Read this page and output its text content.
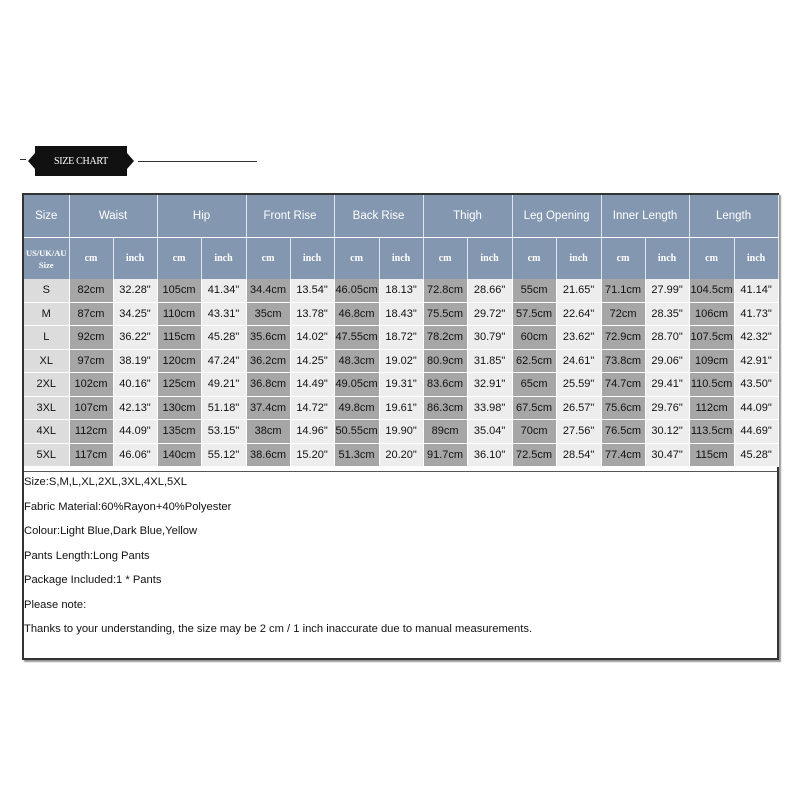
SIZE CHART
Size	Waist		Hip		Front Rise		Back Rise		Thigh		Leg Opening		Inner Length		Length	
US/UK/AU Size	cm	inch	cm	inch	cm	inch	cm	inch	cm	inch	cm	inch	cm	inch	cm	inch
S	82cm	32.28"	105cm	41.34"	34.4cm	13.54"	46.05cm	18.13"	72.8cm	28.66"	55cm	21.65"	71.1cm	27.99"	104.5cm	41.14"
M	87cm	34.25"	110cm	43.31"	35cm	13.78"	46.8cm	18.43"	75.5cm	29.72"	57.5cm	22.64"	72cm	28.35"	106cm	41.73"
L	92cm	36.22"	115cm	45.28"	35.6cm	14.02"	47.55cm	18.72"	78.2cm	30.79"	60cm	23.62"	72.9cm	28.70"	107.5cm	42.32"
XL	97cm	38.19"	120cm	47.24"	36.2cm	14.25"	48.3cm	19.02"	80.9cm	31.85"	62.5cm	24.61"	73.8cm	29.06"	109cm	42.91"
2XL	102cm	40.16"	125cm	49.21"	36.8cm	14.49"	49.05cm	19.31"	83.6cm	32.91"	65cm	25.59"	74.7cm	29.41"	110.5cm	43.50"
3XL	107cm	42.13"	130cm	51.18"	37.4cm	14.72"	49.8cm	19.61"	86.3cm	33.98"	67.5cm	26.57"	75.6cm	29.76"	112cm	44.09"
4XL	112cm	44.09"	135cm	53.15"	38cm	14.96"	50.55cm	19.90"	89cm	35.04"	70cm	27.56"	76.5cm	30.12"	113.5cm	44.69"
5XL	117cm	46.06"	140cm	55.12"	38.6cm	15.20"	51.3cm	20.20"	91.7cm	36.10"	72.5cm	28.54"	77.4cm	30.47"	115cm	45.28"
Size:S,M,L,XL,2XL,3XL,4XL,5XL
Fabric Material:60%Rayon+40%Polyester
Colour:Light Blue,Dark Blue,Yellow
Pants Length:Long Pants
Package Included:1 * Pants
Please note:
Thanks to your understanding, the size may be 2 cm / 1 inch inaccurate due to manual measurements.
